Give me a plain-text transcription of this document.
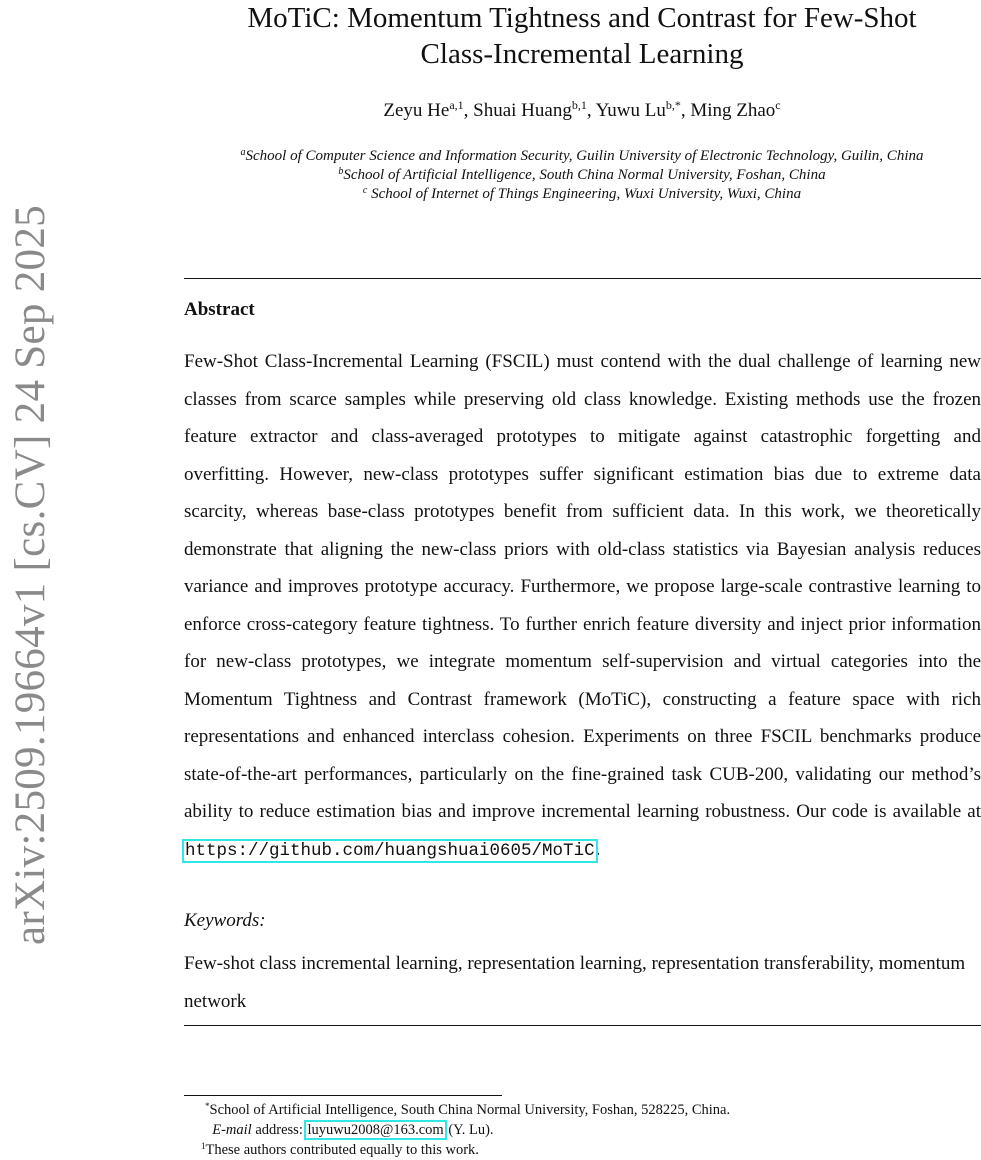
arXiv:2509.19664v1 [cs.CV] 24 Sep 2025
MoTiC: Momentum Tightness and Contrast for Few-Shot
Class-Incremental Learning
Zeyu He$^{a,1}$, Shuai Huang$^{b,1}$, Yuwu $Lu^{b,*}$, Ming Zhao$^c$
$^a$School of Computer Science and Information Security, Guilin University of Electronic Technology, Guilin, China
$^b$School of Artificial Intelligence, South China Normal University, Foshan, China
$^c$ School of Internet of Things Engineering, Wuxi University, Wuxi, China
Abstract
Few-Shot Class-Incremental Learning (FSCIL) must contend with the dual challenge of learning new classes from scarce samples while preserving old class knowledge. Existing methods use the frozen feature extractor and class-averaged prototypes to mitigate against catastrophic forgetting and overfitting. However, new-class prototypes suffer significant estimation bias due to extreme data scarcity, whereas base-class prototypes benefit from sufficient data. In this work, we theoretically demonstrate that aligning the new-class priors with old-class statistics via Bayesian analysis reduces variance and improves prototype accuracy. Furthermore, we propose large-scale contrastive learning to enforce cross-category feature tightness. To further enrich feature diversity and inject prior information for new-class prototypes, we integrate momentum self-supervision and virtual categories into the Momentum Tightness and Contrast framework (MoTiC), constructing a feature space with rich representations and enhanced interclass cohesion. Experiments on three FSCIL benchmarks produce state-of-the-art performances, particularly on the fine-grained task CUB-200, validating our method’s ability to reduce estimation bias and improve incremental learning robustness. Our code is available at https://github.com/huangshuai0605/MoTiC.
Keywords:
Few-shot class incremental learning, representation learning, representation transferability, momentum network
*School of Artificial Intelligence, South China Normal University, Foshan, 528225, China.
E-mail address: luyuwu2008@163.com (Y. Lu).
$^1$These authors contributed equally to this work.
